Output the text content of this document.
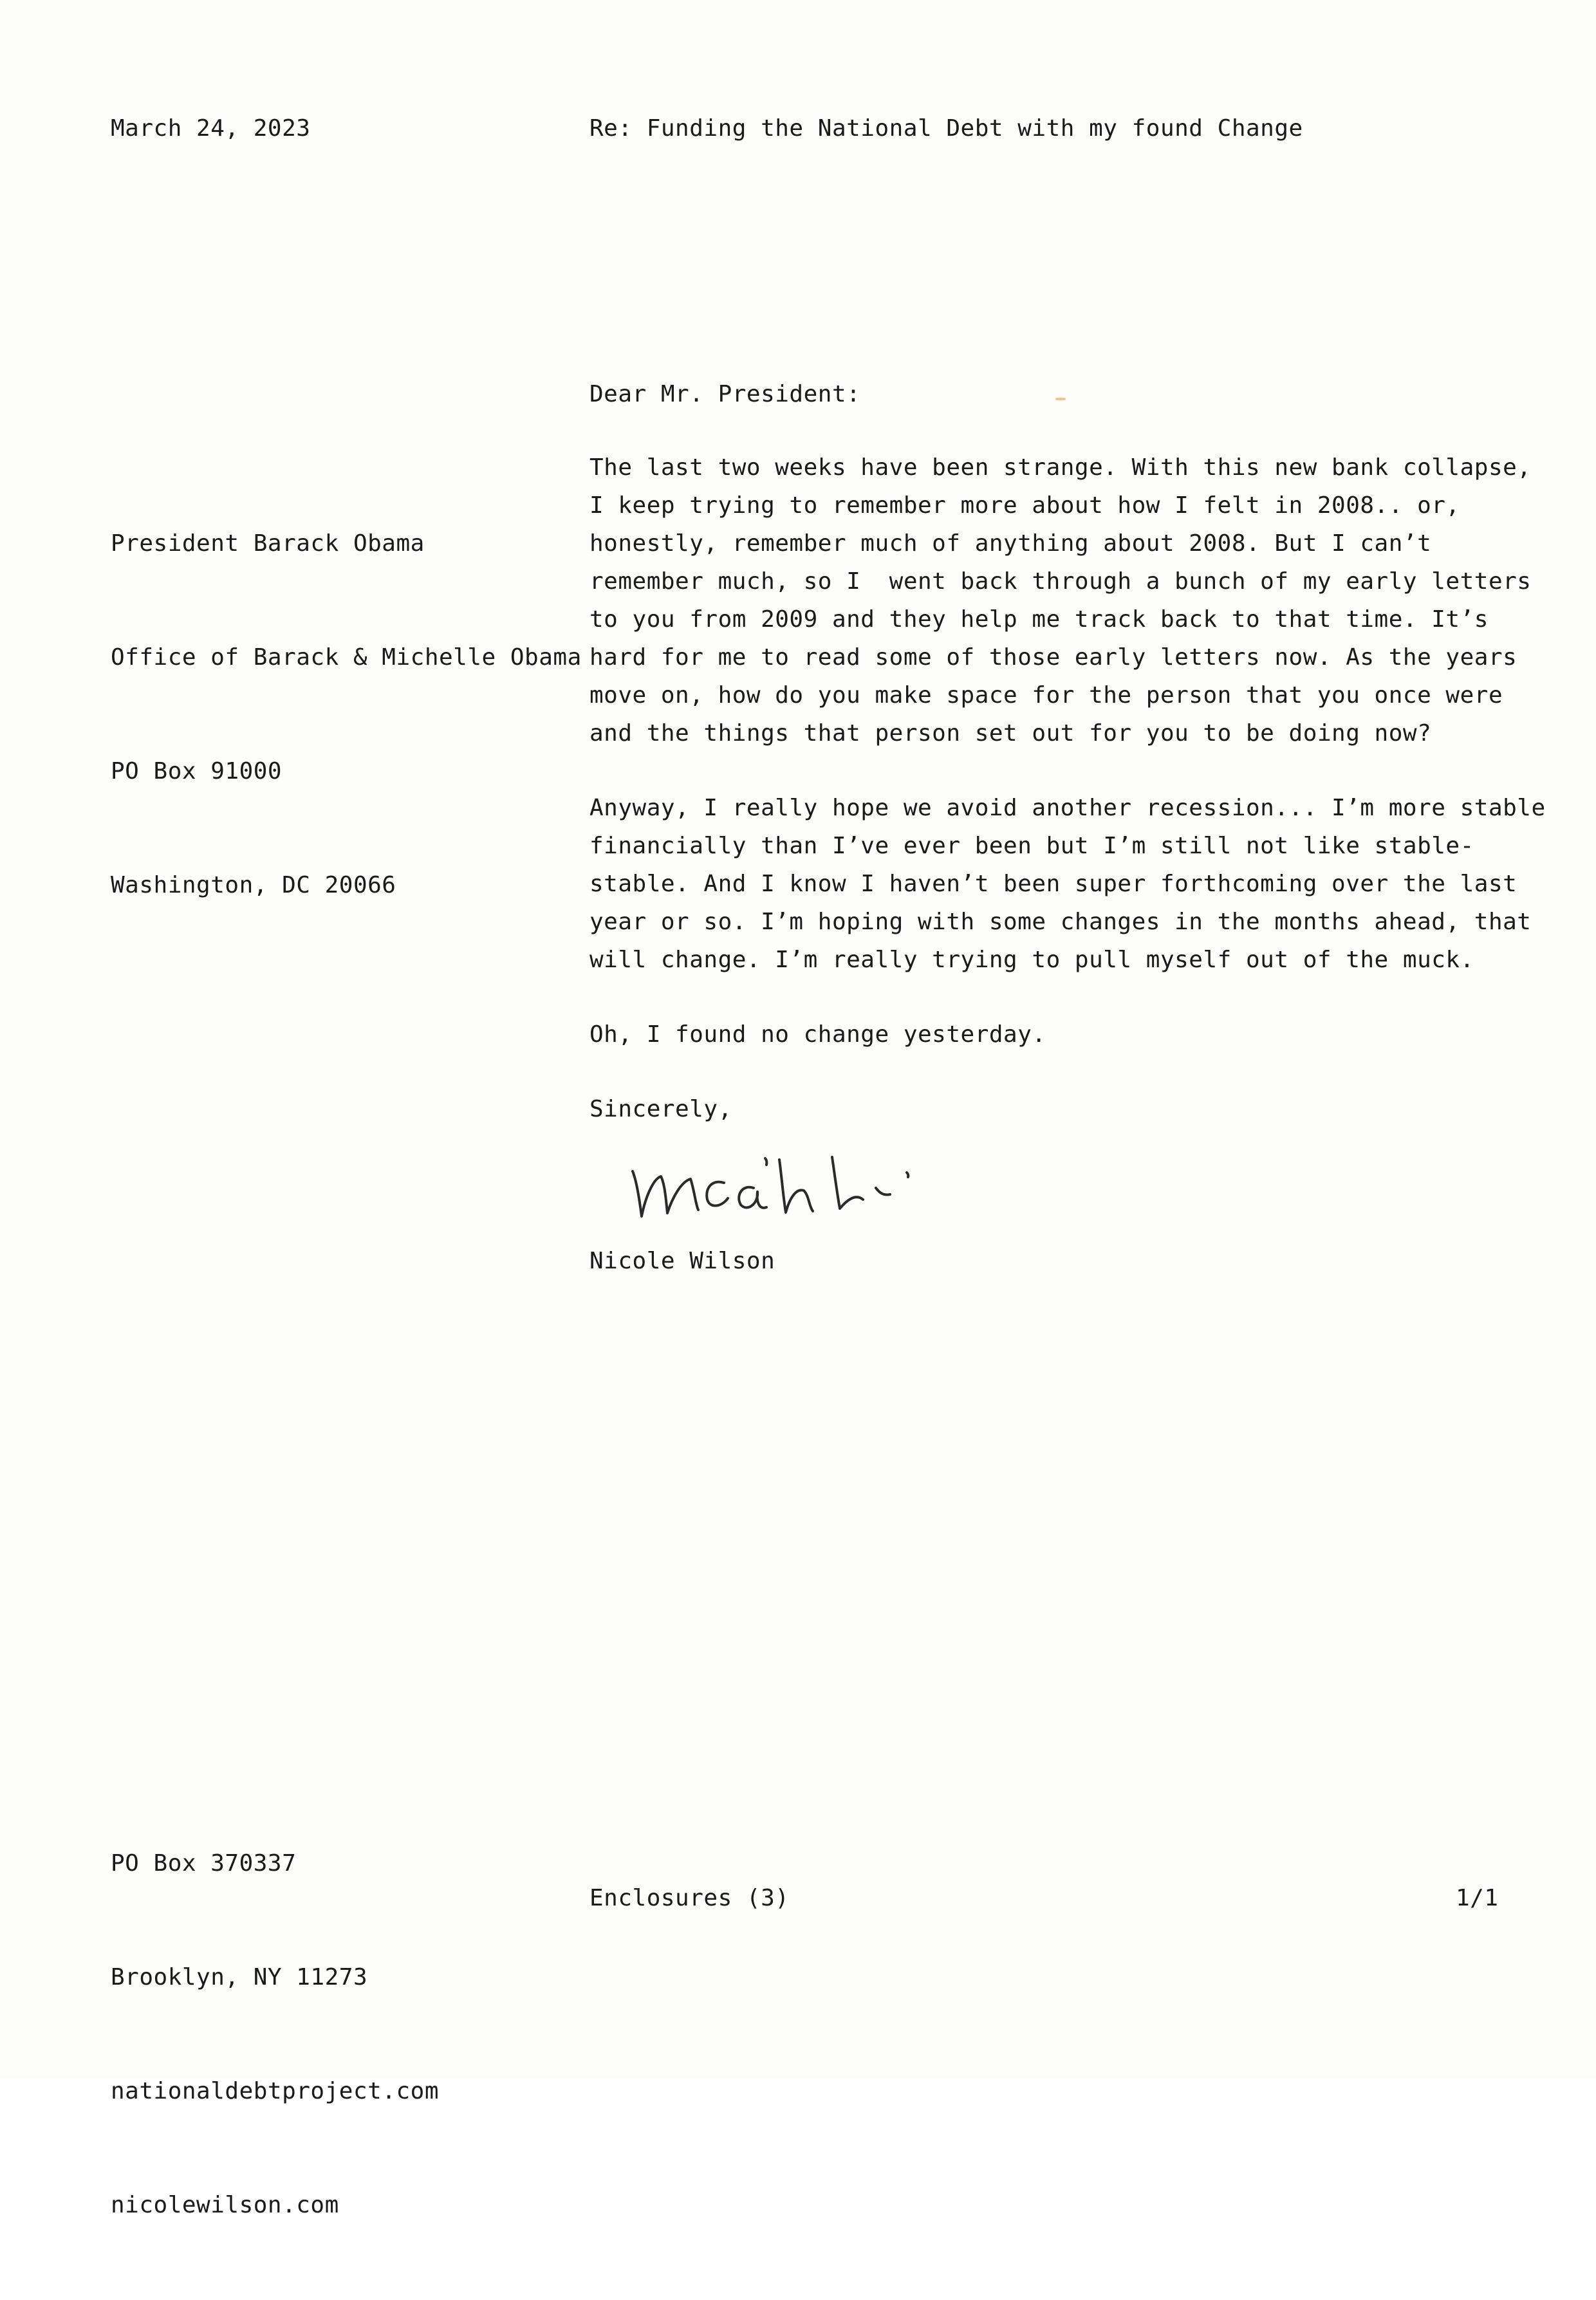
March 24, 2023	Re: Funding the National Debt with my found Change
Dear Mr. President:

President Barack Obama

Office of Barack & Michelle Obama

PO Box 91000

Washington, DC 20066

The last two weeks have been strange. With this new bank collapse,
I keep trying to remember more about how I felt in 2008.. or,
honestly, remember much of anything about 2008. But I can’t
remember much, so I  went back through a bunch of my early letters
to you from 2009 and they help me track back to that time. It’s
hard for me to read some of those early letters now. As the years
move on, how do you make space for the person that you once were
and the things that person set out for you to be doing now?
Anyway, I really hope we avoid another recession... I’m more stable
financially than I’ve ever been but I’m still not like stable-
stable. And I know I haven’t been super forthcoming over the last
year or so. I’m hoping with some changes in the months ahead, that
will change. I’m really trying to pull myself out of the muck.
Oh, I found no change yesterday.
Sincerely,
Nicole Wilson

PO Box 370337

Brooklyn, NY 11273

nationaldebtproject.com

nicolewilson.com

Enclosures (3)	1/1
